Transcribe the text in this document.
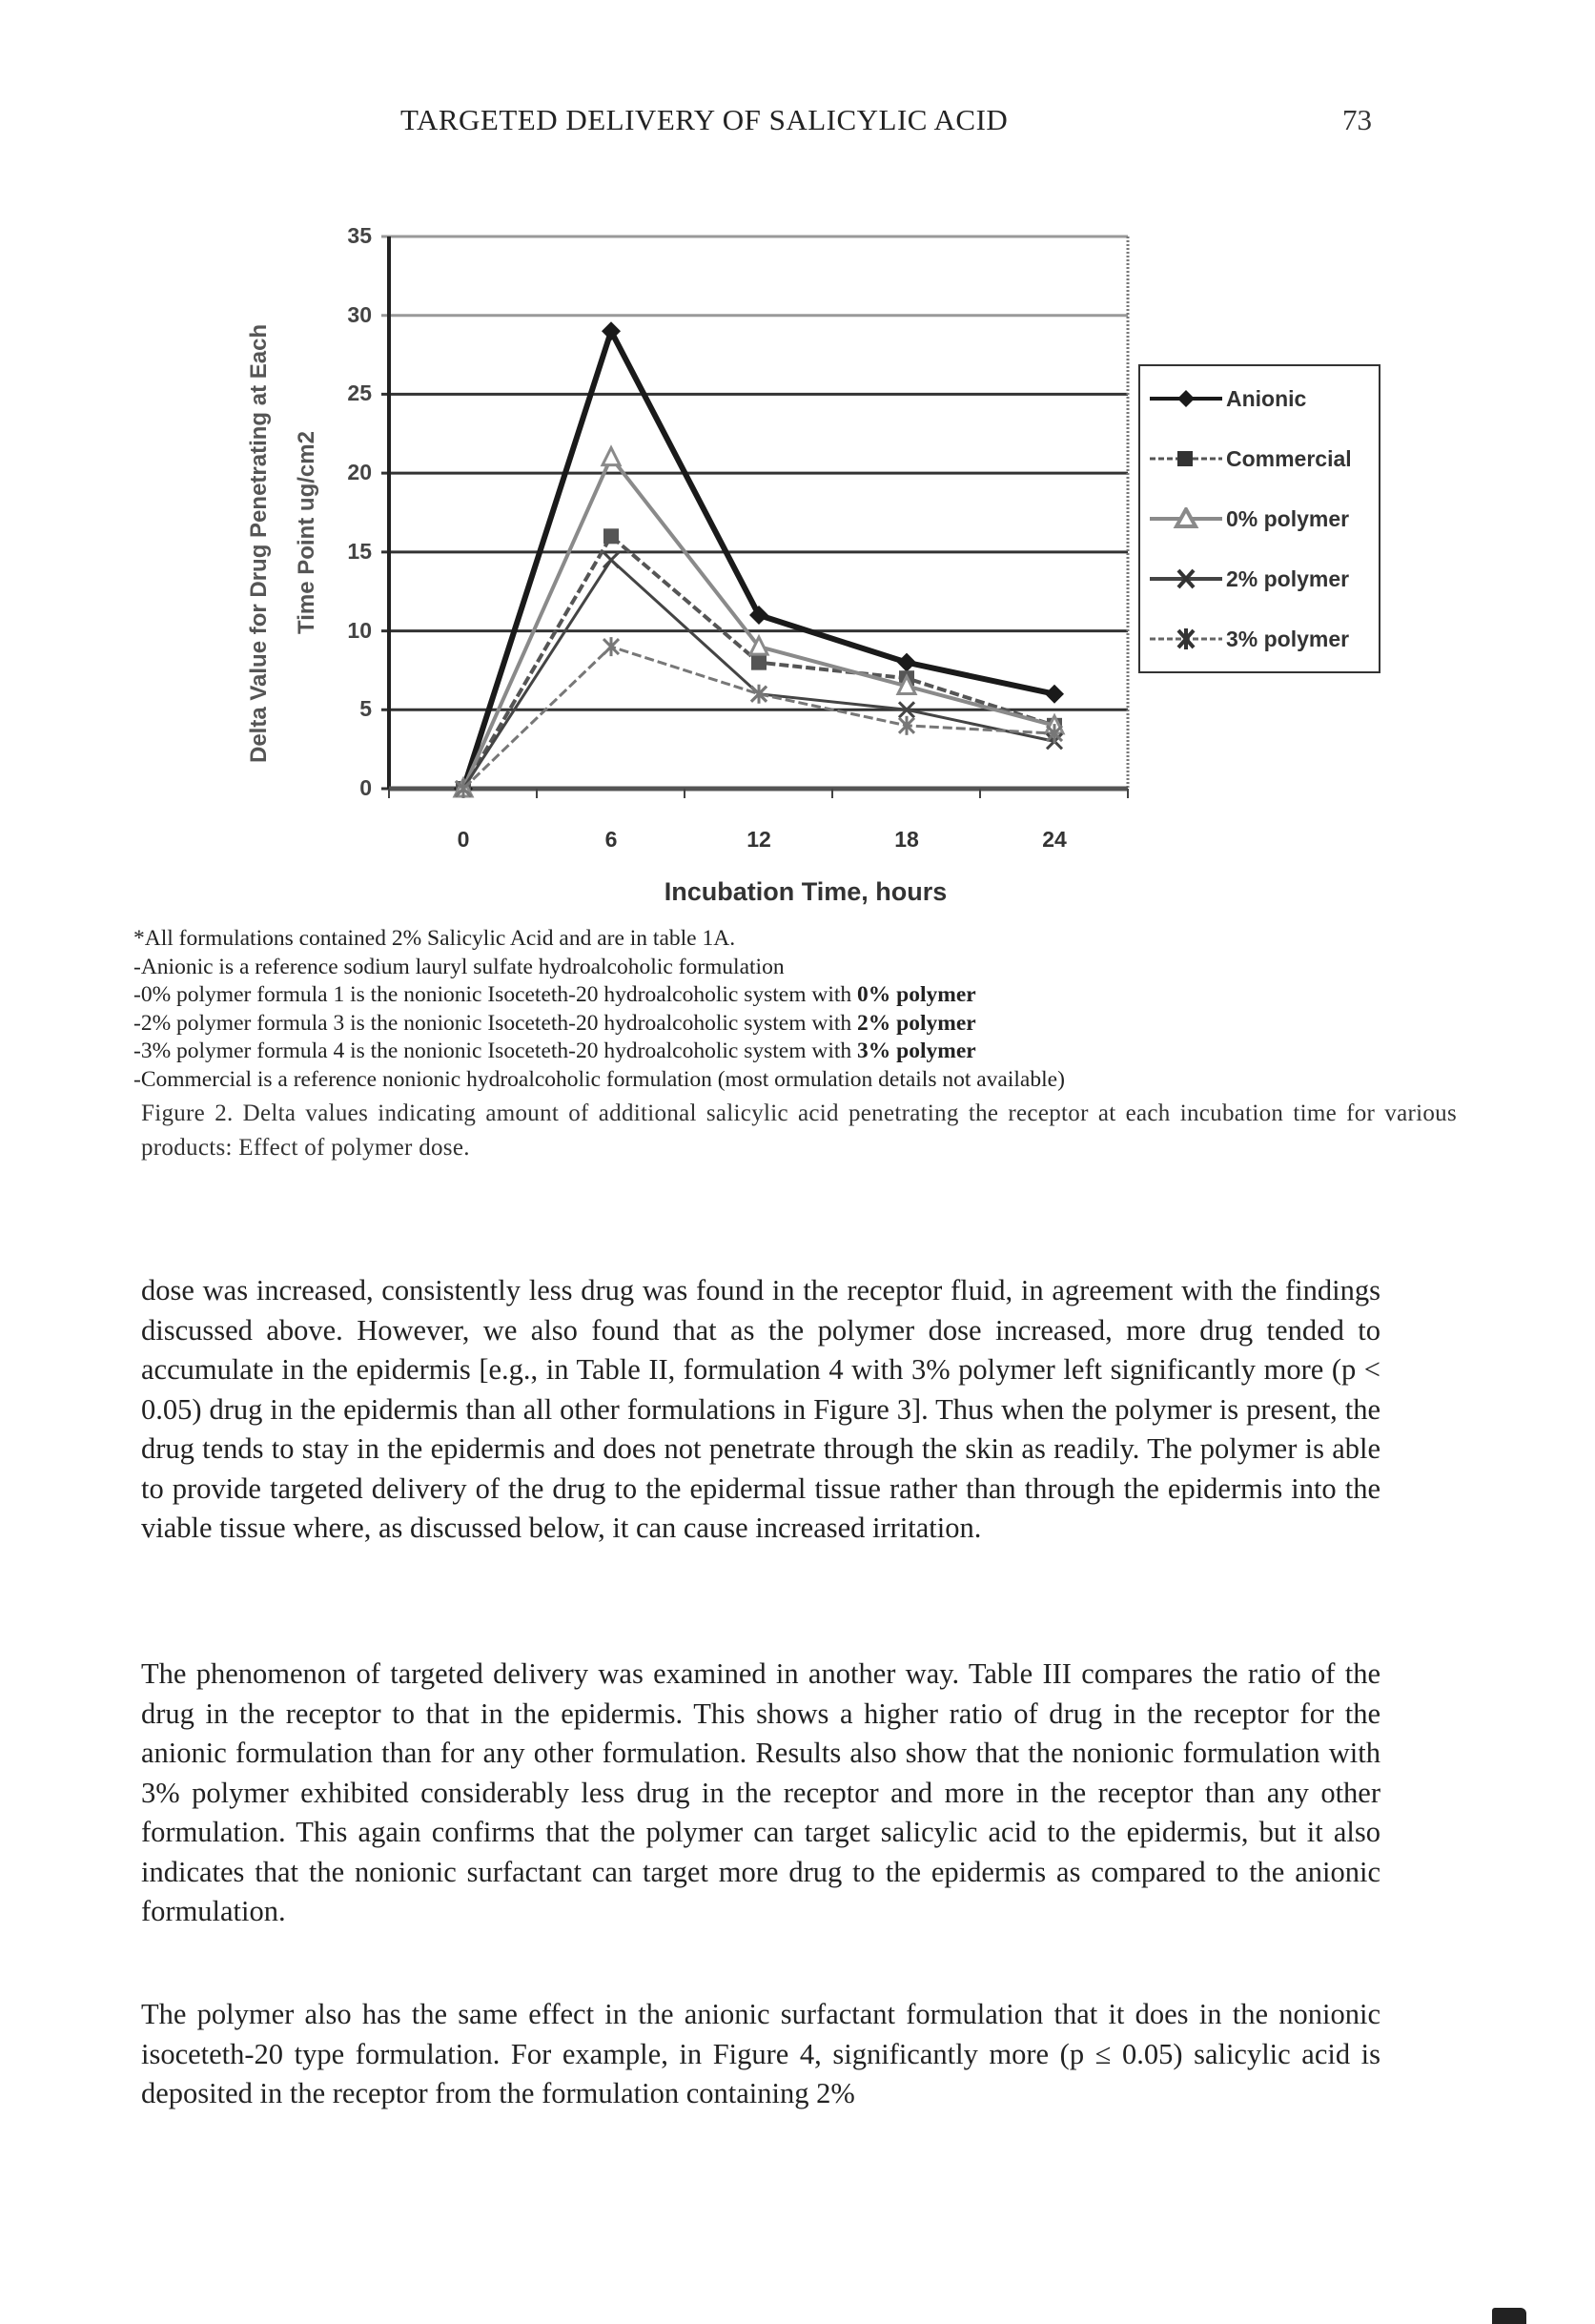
TARGETED DELIVERY OF SALICYLIC ACID	73
Delta Value for Drug Penetrating at Each Time Point ug/cm2
0
5
10
15
20
25
30
35
0	6	12	18	24
Incubation Time, hours
Anionic
Commercial
0% polymer
2% polymer
3% polymer
*All formulations contained 2% Salicylic Acid and are in table 1A.
-Anionic is a reference sodium lauryl sulfate hydroalcoholic formulation
-0% polymer formula 1 is the nonionic Isoceteth-20 hydroalcoholic system with 0% polymer
-2% polymer formula 3 is the nonionic Isoceteth-20 hydroalcoholic system with 2% polymer
-3% polymer formula 4 is the nonionic Isoceteth-20 hydroalcoholic system with 3% polymer
-Commercial is a reference nonionic hydroalcoholic formulation (most ormulation details not available)
Figure 2. Delta values indicating amount of additional salicylic acid penetrating the receptor at each incubation time for various products: Effect of polymer dose.
dose was increased, consistently less drug was found in the receptor fluid, in agreement with the findings discussed above. However, we also found that as the polymer dose increased, more drug tended to accumulate in the epidermis [e.g., in Table II, formulation 4 with 3% polymer left significantly more (p < 0.05) drug in the epidermis than all other formulations in Figure 3]. Thus when the polymer is present, the drug tends to stay in the epidermis and does not penetrate through the skin as readily. The polymer is able to provide targeted delivery of the drug to the epidermal tissue rather than through the epidermis into the viable tissue where, as discussed below, it can cause increased irritation.
The phenomenon of targeted delivery was examined in another way. Table III compares the ratio of the drug in the receptor to that in the epidermis. This shows a higher ratio of drug in the receptor for the anionic formulation than for any other formulation. Results also show that the nonionic formulation with 3% polymer exhibited considerably less drug in the receptor and more in the receptor than any other formulation. This again confirms that the polymer can target salicylic acid to the epidermis, but it also indicates that the nonionic surfactant can target more drug to the epidermis as compared to the anionic formulation.
The polymer also has the same effect in the anionic surfactant formulation that it does in the nonionic isoceteth-20 type formulation. For example, in Figure 4, significantly more (p ≤ 0.05) salicylic acid is deposited in the receptor from the formulation containing 2%
